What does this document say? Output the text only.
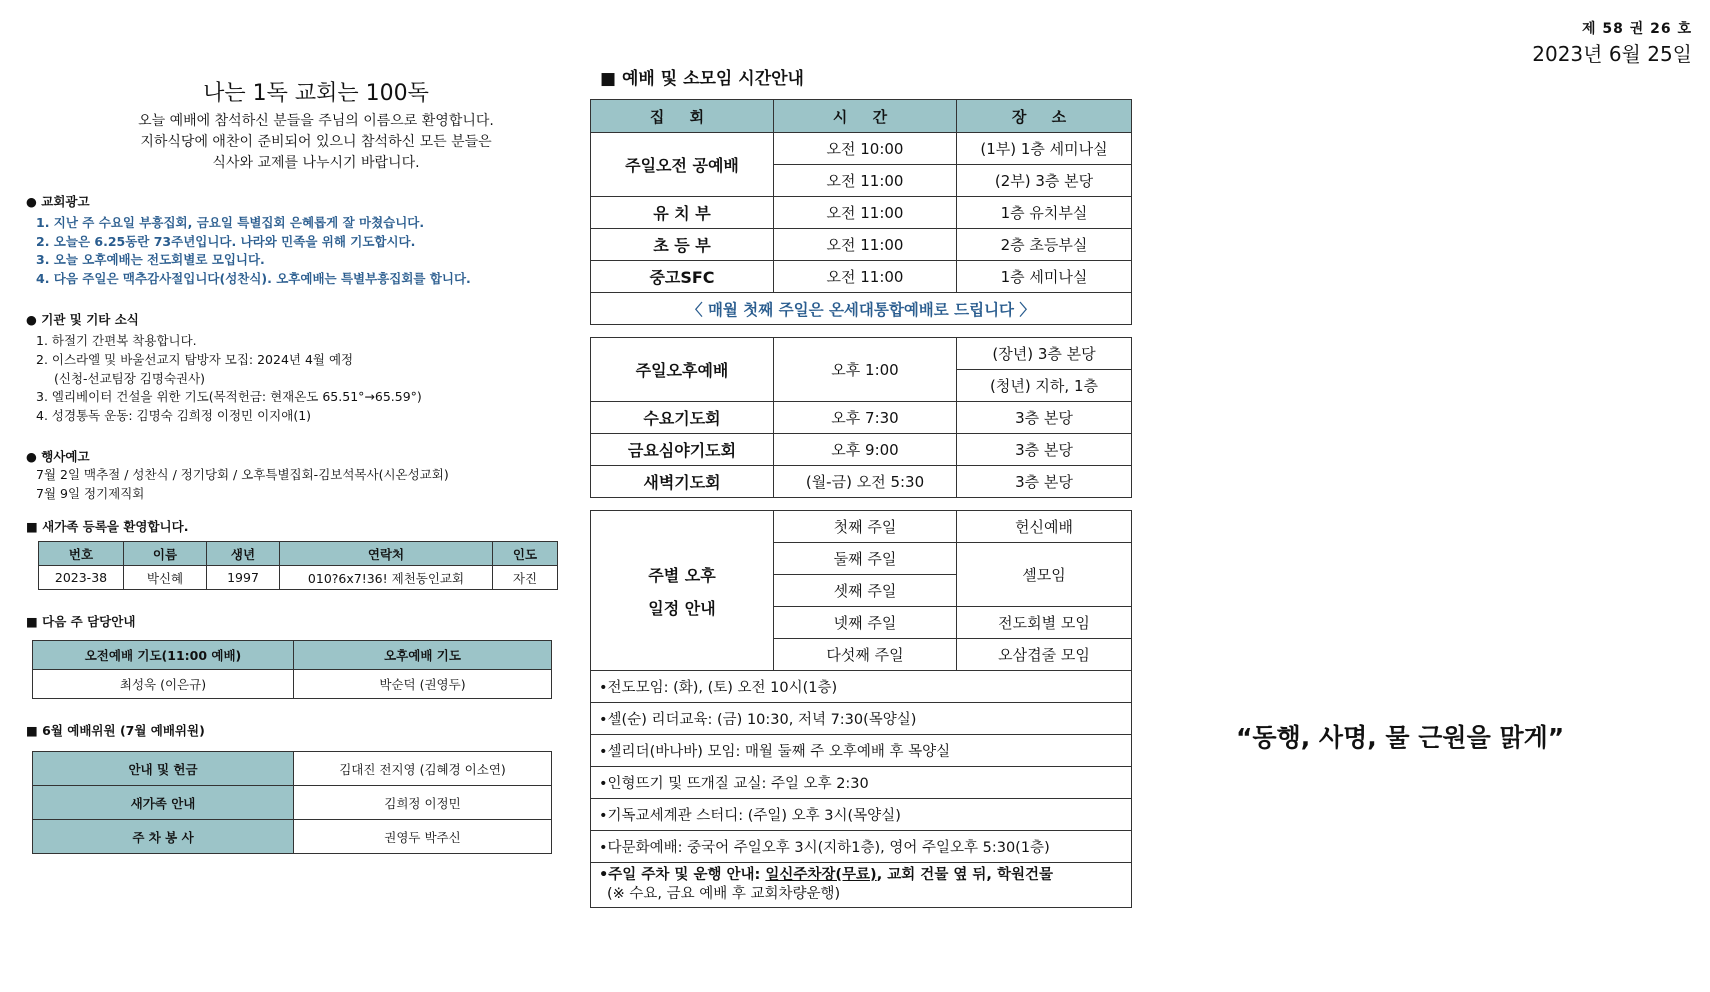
제 58 권 26 호
2023년 6월 25일
나는 1독 교회는 100독
오늘 예배에 참석하신 분들을 주님의 이름으로 환영합니다.
지하식당에 애찬이 준비되어 있으니 참석하신 모든 분들은
식사와 교제를 나누시기 바랍니다.
● 교회광고
1. 지난 주 수요일 부흥집회, 금요일 특별집회 은혜롭게 잘 마쳤습니다.
2. 오늘은 6.25동란 73주년입니다. 나라와 민족을 위해 기도합시다.
3. 오늘 오후예배는 전도회별로 모입니다.
4. 다음 주일은 맥추감사절입니다(성찬식). 오후예배는 특별부흥집회를 합니다.
● 기관 및 기타 소식
1. 하절기 간편복 착용합니다.
2. 이스라엘 및 바울선교지 탐방자 모집: 2024년 4월 예정
(신청-선교팀장 김명숙권사)
3. 엘리베이터 건설을 위한 기도(목적헌금: 현재온도 65.51°→65.59°)
4. 성경통독 운동: 김명숙 김희정 이정민 이지애(1)
● 행사예고
7월 2일 맥추절 / 성찬식 / 정기당회 / 오후특별집회-김보석목사(시온성교회)
7월 9일 정기제직회
■ 새가족 등록을 환영합니다.
번호	이름	생년	연락처	인도
2023-38	박신혜	1997	010?6x7!36! 제천동인교회	자진
■ 다음 주 담당안내
오전예배 기도(11:00 예배)	오후예배 기도
최성욱 (이은규)	박순덕 (권영두)
■ 6월 예배위원 (7월 예배위원)
안내 및 헌금	김대진 전지영 (김혜경 이소연)
새가족 안내	김희정 이정민
주 차 봉 사	권영두 박주신
■ 예배 및 소모임 시간안내
집 회	시 간	장 소
주일오전 공예배	오전 10:00	(1부) 1층 세미나실
	오전 11:00	(2부) 3층 본당
유 치 부	오전 11:00	1층 유치부실
초 등 부	오전 11:00	2층 초등부실
중고SFC	오전 11:00	1층 세미나실
〈 매월 첫째 주일은 온세대통합예배로 드립니다 〉		
주일오후예배	오후 1:00	(장년) 3층 본당
		(청년) 지하, 1층
수요기도회	오후 7:30	3층 본당
금요심야기도회	오후 9:00	3층 본당
새벽기도회	(월-금) 오전 5:30	3층 본당
주별 오후
일정 안내	첫째 주일	헌신예배
	둘째 주일	셀모임
	셋째 주일	
	넷째 주일	전도회별 모임
	다섯째 주일	오삼겹줄 모임
•전도모임: (화), (토) 오전 10시(1층)		
•셀(순) 리더교육: (금) 10:30, 저녁 7:30(목양실)		
•셀리더(바나바) 모임: 매월 둘째 주 오후예배 후 목양실		
•인형뜨기 및 뜨개질 교실: 주일 오후 2:30		
•기독교세계관 스터디: (주일) 오후 3시(목양실)		
•다문화예배: 중국어 주일오후 3시(지하1층), 영어 주일오후 5:30(1층)		

•주일 주차 및 운행 안내: 일신주차장(무료), 교회 건물 옆 뒤, 학원건물
(※ 수요, 금요 예배 후 교회차량운행)		
“동행, 사명, 물 근원을 맑게”
